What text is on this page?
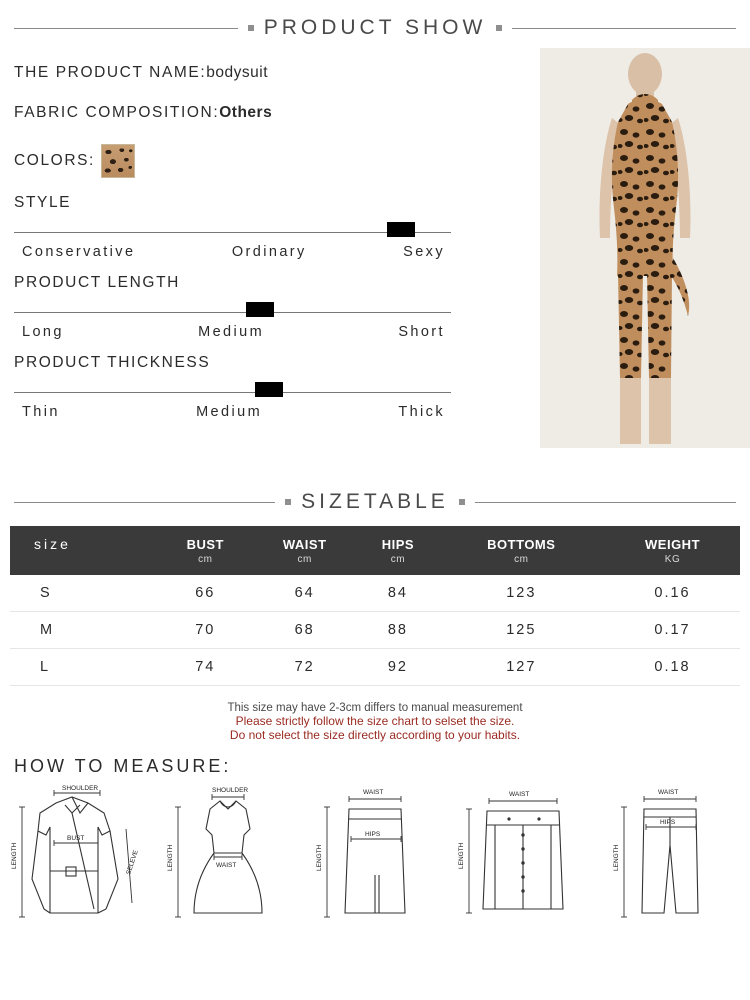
PRODUCT SHOW
THE PRODUCT NAME: bodysuit
FABRIC COMPOSITION: Others
COLORS:
STYLE
Conservative	Ordinary	Sexy
PRODUCT LENGTH
Long	Medium	Short
PRODUCT THICKNESS
Thin	Medium	Thick
SIZETABLE
size	BUST	WAIST	HIPS	BOTTOMS	WEIGHT
	cm	cm	cm	cm	KG
S	66	64	84	123	0.16
M	70	68	88	125	0.17
L	74	72	92	127	0.18
This size may have 2-3cm differs to manual measurement
Please strictly follow the size chart to selset the size.
Do not select the size directly according to your habits.
HOW TO MEASURE:
SHOULDER
BUST
LENGTH	SELEVE
SHOULDER
WAIST
LENGTH
WAIST
HIPS
LENGTH
WAIST
LENGTH
WAIST
HIPS
LENGTH
